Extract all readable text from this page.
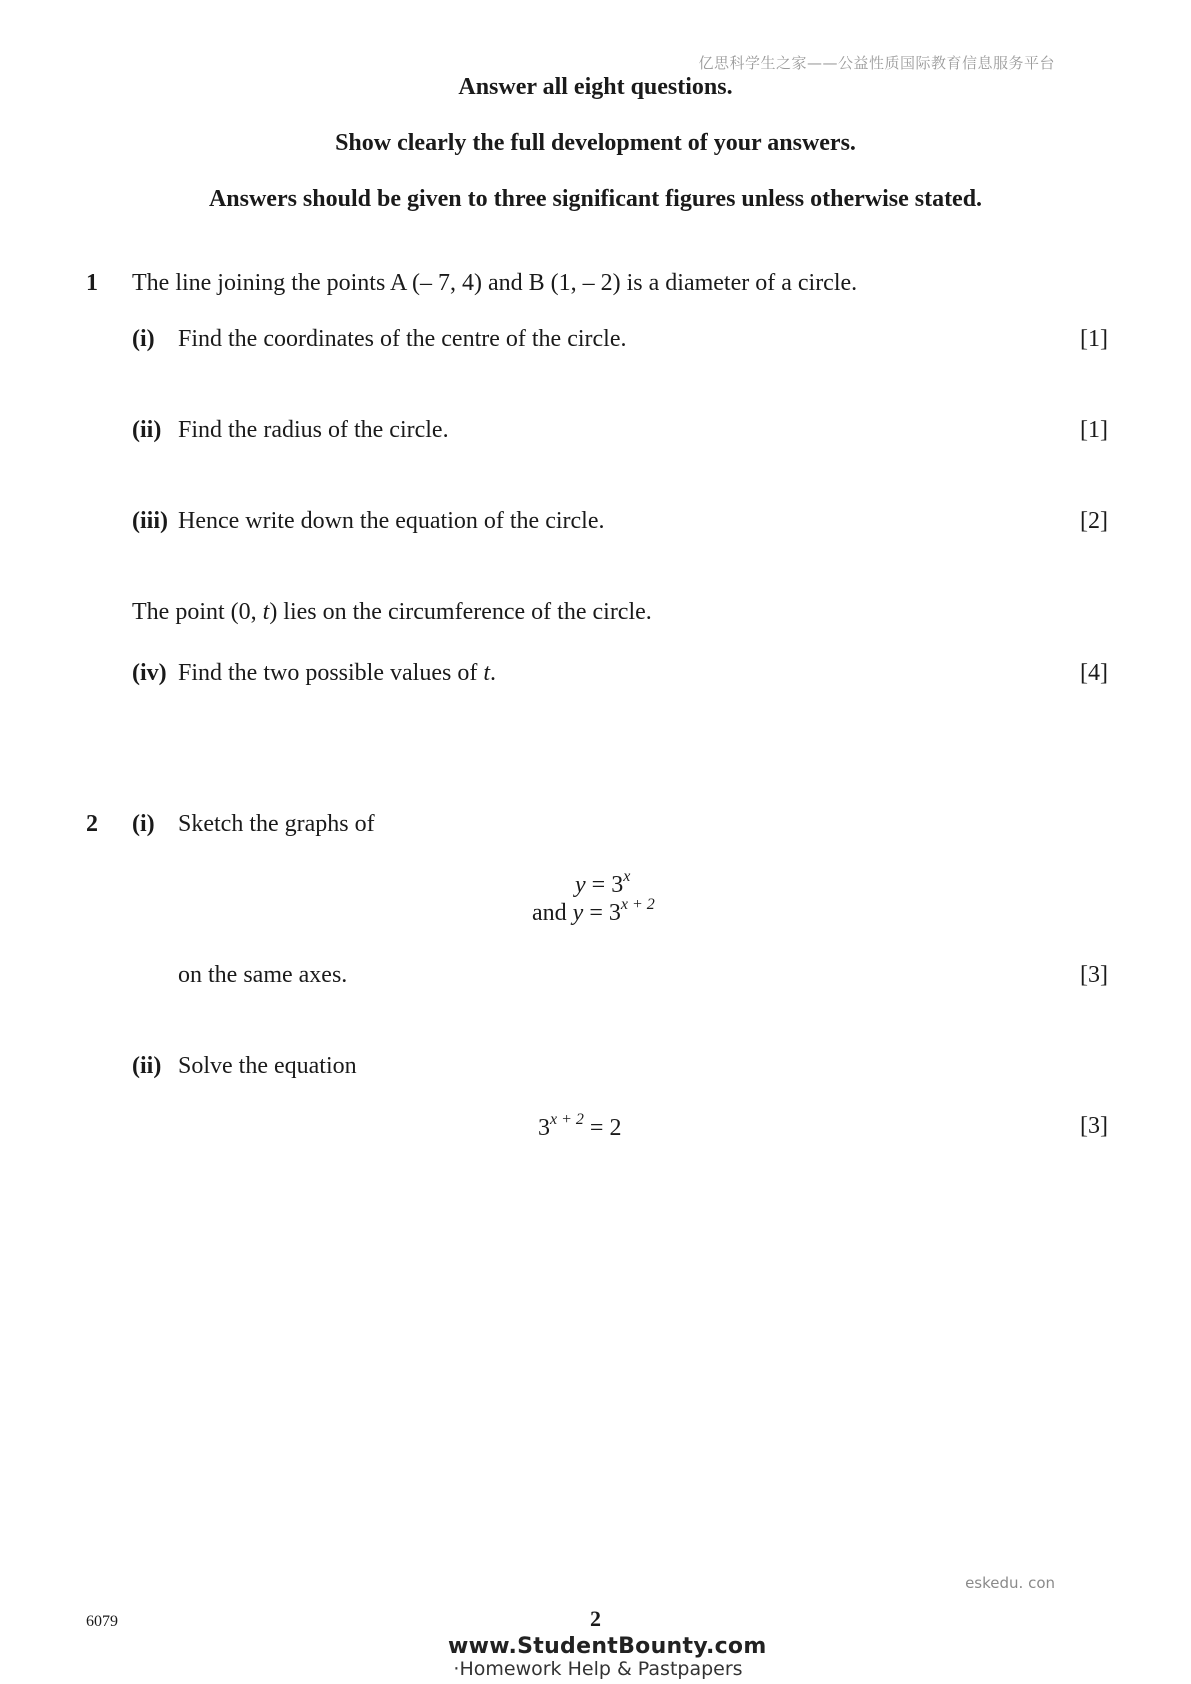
亿思科学生之家——公益性质国际教育信息服务平台
Answer all eight questions.
Show clearly the full development of your answers.
Answers should be given to three significant figures unless otherwise stated.
1 The line joining the points A (– 7, 4) and B (1, – 2) is a diameter of a circle.
(i) Find the coordinates of the centre of the circle.	[1]
(ii) Find the radius of the circle.	[1]
(iii) Hence write down the equation of the circle.	[2]
The point (0, t) lies on the circumference of the circle.
(iv) Find the two possible values of t.	[4]
2 (i) Sketch the graphs of
$y = 3^x$
and $y = 3^{x + 2}$
on the same axes.	[3]
(ii) Solve the equation
$3^{x + 2} = 2$	[3]
eskedu. con
6079	2
www.StudentBounty.com
·Homework Help & Pastpapers
